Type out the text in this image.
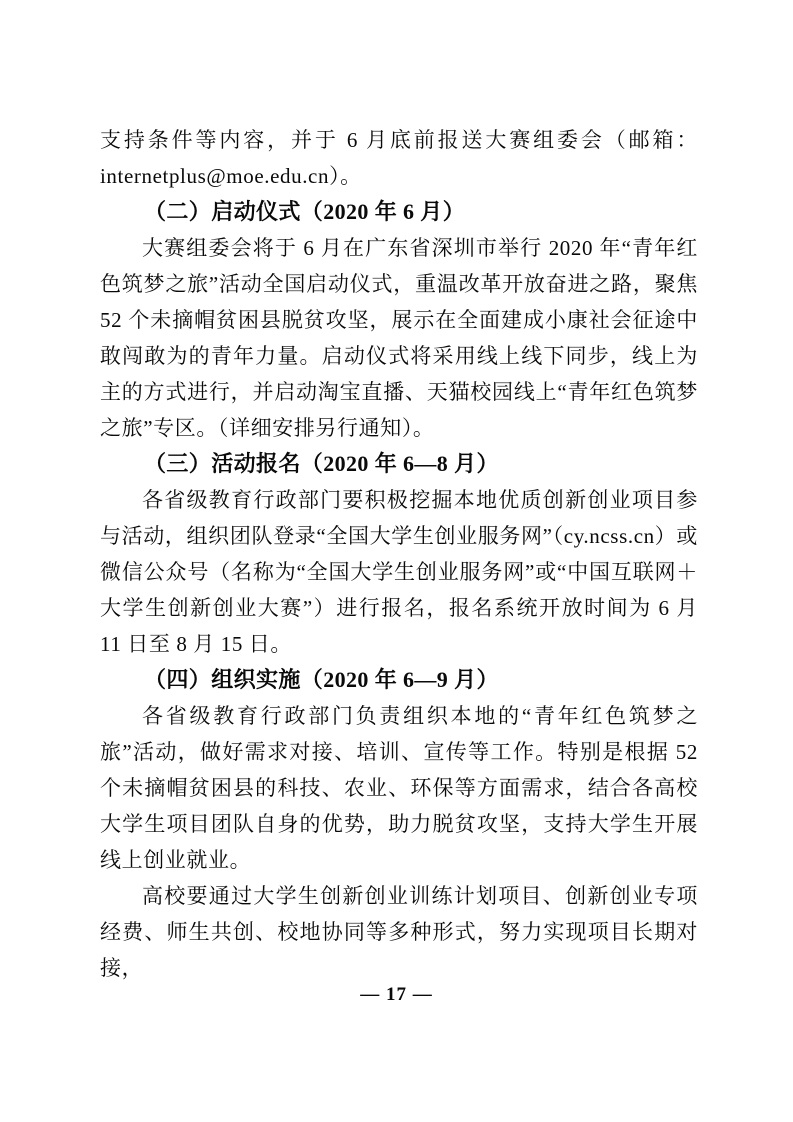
支持条件等内容，并于 6 月底前报送大赛组委会（邮箱：internetplus@moe.edu.cn）。

（二）启动仪式（2020 年 6 月）

大赛组委会将于 6 月在广东省深圳市举行 2020 年“青年红色筑梦之旅”活动全国启动仪式，重温改革开放奋进之路，聚焦 52 个未摘帽贫困县脱贫攻坚，展示在全面建成小康社会征途中敢闯敢为的青年力量。启动仪式将采用线上线下同步，线上为主的方式进行，并启动淘宝直播、天猫校园线上“青年红色筑梦之旅”专区。（详细安排另行通知）。

（三）活动报名（2020 年 6—8 月）

各省级教育行政部门要积极挖掘本地优质创新创业项目参与活动，组织团队登录“全国大学生创业服务网”（cy.ncss.cn）或微信公众号（名称为“全国大学生创业服务网”或“中国互联网＋大学生创新创业大赛”）进行报名，报名系统开放时间为 6 月 11 日至 8 月 15 日。

（四）组织实施（2020 年 6—9 月）

各省级教育行政部门负责组织本地的“青年红色筑梦之旅”活动，做好需求对接、培训、宣传等工作。特别是根据 52 个未摘帽贫困县的科技、农业、环保等方面需求，结合各高校大学生项目团队自身的优势，助力脱贫攻坚，支持大学生开展线上创业就业。

高校要通过大学生创新创业训练计划项目、创新创业专项经费、师生共创、校地协同等多种形式，努力实现项目长期对接，

— 17 —
